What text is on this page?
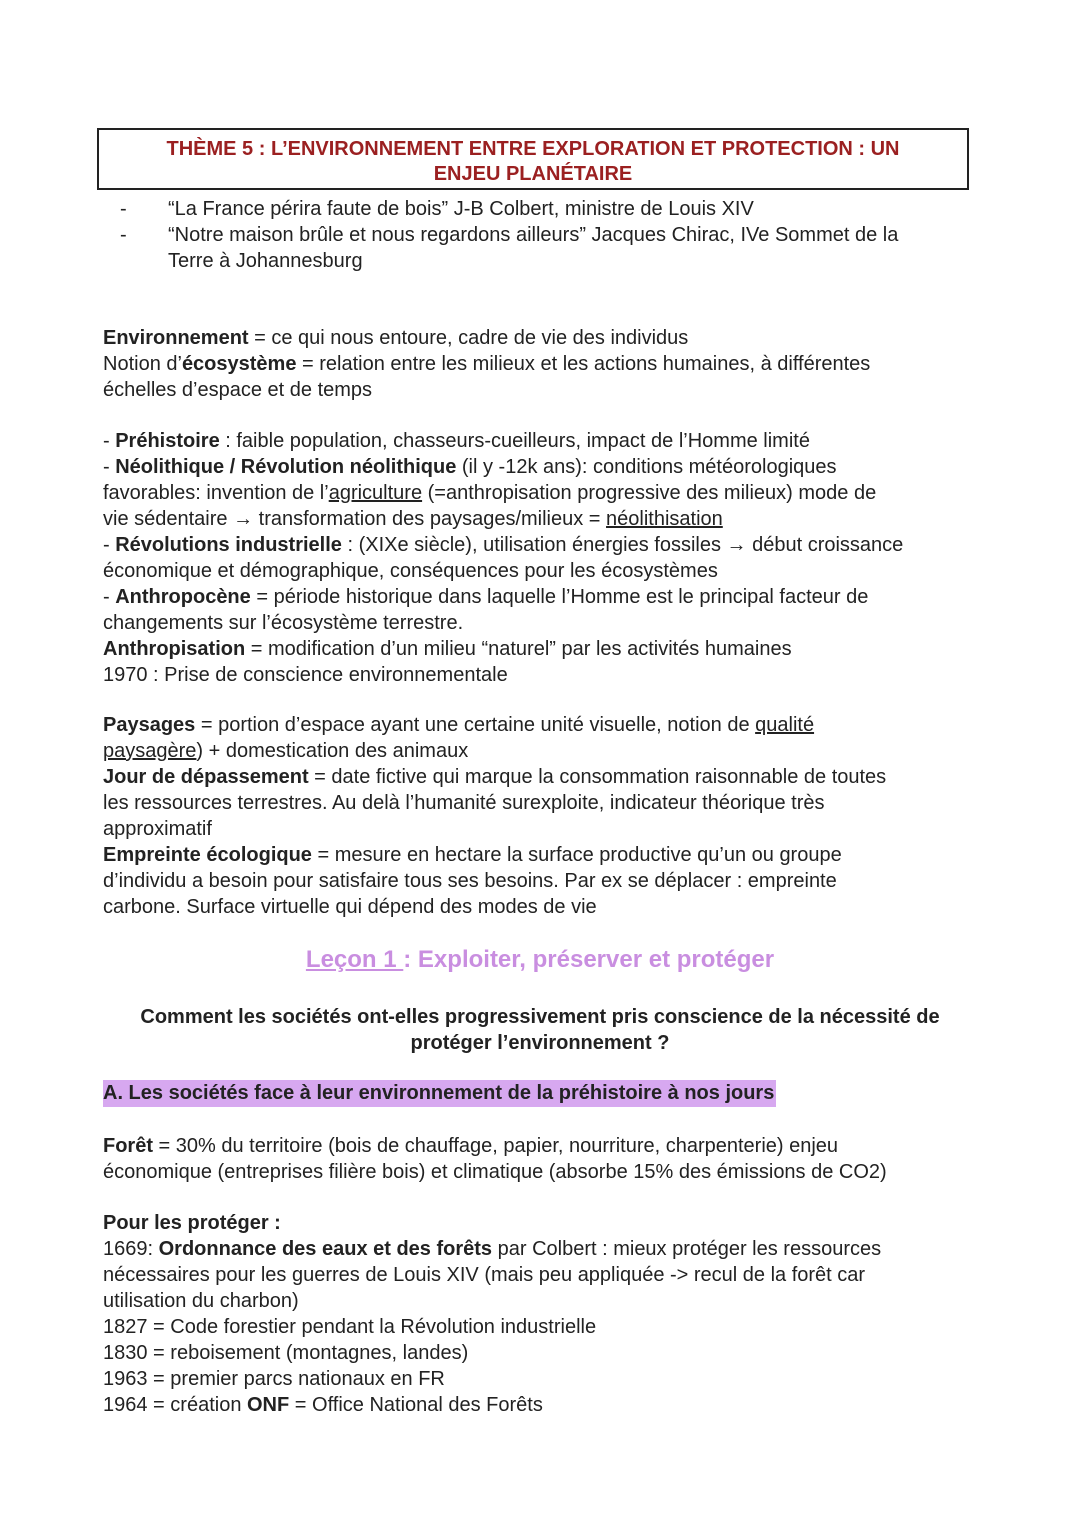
THÈME 5 : L’ENVIRONNEMENT ENTRE EXPLORATION ET PROTECTION : UN
ENJEU PLANÉTAIRE
-	“La France périra faute de bois” J-B Colbert, ministre de Louis XIV
-	“Notre maison brûle et nous regardons ailleurs” Jacques Chirac, IVe Sommet de la
Terre à Johannesburg
Environnement = ce qui nous entoure, cadre de vie des individus
Notion d’écosystème = relation entre les milieux et les actions humaines, à différentes
échelles d’espace et de temps
- Préhistoire : faible population, chasseurs-cueilleurs, impact de l’Homme limité
- Néolithique / Révolution néolithique (il y -12k ans): conditions météorologiques
favorables: invention de l’agriculture (=anthropisation progressive des milieux) mode de
vie sédentaire → transformation des paysages/milieux = néolithisation
- Révolutions industrielle : (XIXe siècle), utilisation énergies fossiles → début croissance
économique et démographique, conséquences pour les écosystèmes
- Anthropocène = période historique dans laquelle l’Homme est le principal facteur de
changements sur l’écosystème terrestre.
Anthropisation = modification d’un milieu “naturel” par les activités humaines
1970 : Prise de conscience environnementale
Paysages = portion d’espace ayant une certaine unité visuelle, notion de qualité
paysagère) + domestication des animaux
Jour de dépassement = date fictive qui marque la consommation raisonnable de toutes
les ressources terrestres. Au delà l’humanité surexploite, indicateur théorique très
approximatif
Empreinte écologique = mesure en hectare la surface productive qu’un ou groupe
d’individu a besoin pour satisfaire tous ses besoins. Par ex se déplacer : empreinte
carbone. Surface virtuelle qui dépend des modes de vie
Leçon 1 : Exploiter, préserver et protéger
Comment les sociétés ont-elles progressivement pris conscience de la nécessité de
protéger l’environnement ?
A. Les sociétés face à leur environnement de la préhistoire à nos jours
Forêt = 30% du territoire (bois de chauffage, papier, nourriture, charpenterie) enjeu
économique (entreprises filière bois) et climatique (absorbe 15% des émissions de CO2)
Pour les protéger :
1669: Ordonnance des eaux et des forêts par Colbert : mieux protéger les ressources
nécessaires pour les guerres de Louis XIV (mais peu appliquée -> recul de la forêt car
utilisation du charbon)
1827 = Code forestier pendant la Révolution industrielle
1830 = reboisement (montagnes, landes)
1963 = premier parcs nationaux en FR
1964 = création ONF = Office National des Forêts
